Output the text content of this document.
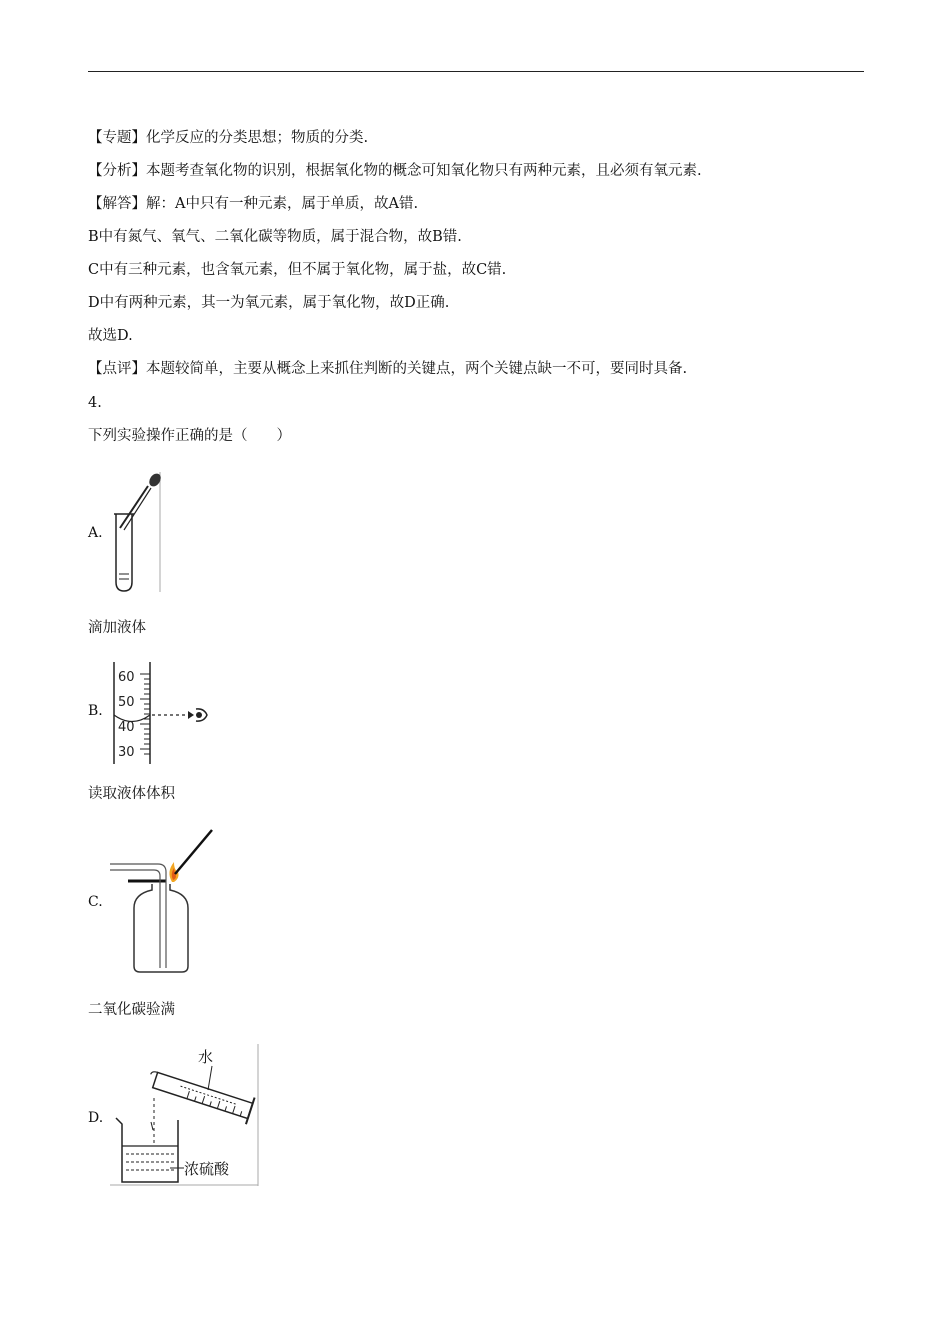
【专题】化学反应的分类思想；物质的分类.
【分析】本题考查氧化物的识别，根据氧化物的概念可知氧化物只有两种元素，且必须有氧元素.
【解答】解：A中只有一种元素，属于单质，故A错.
B中有氮气、氧气、二氧化碳等物质，属于混合物，故B错.
C中有三种元素，也含氧元素，但不属于氧化物，属于盐，故C错.
D中有两种元素，其一为氧元素，属于氧化物，故D正确.
故选D.
【点评】本题较简单，主要从概念上来抓住判断的关键点，两个关键点缺一不可，要同时具备.
4.
下列实验操作正确的是（　　）
A.
滴加液体
B.
60
50
40
30
读取液体体积
C.
二氧化碳验满
D.
水
浓硫酸
